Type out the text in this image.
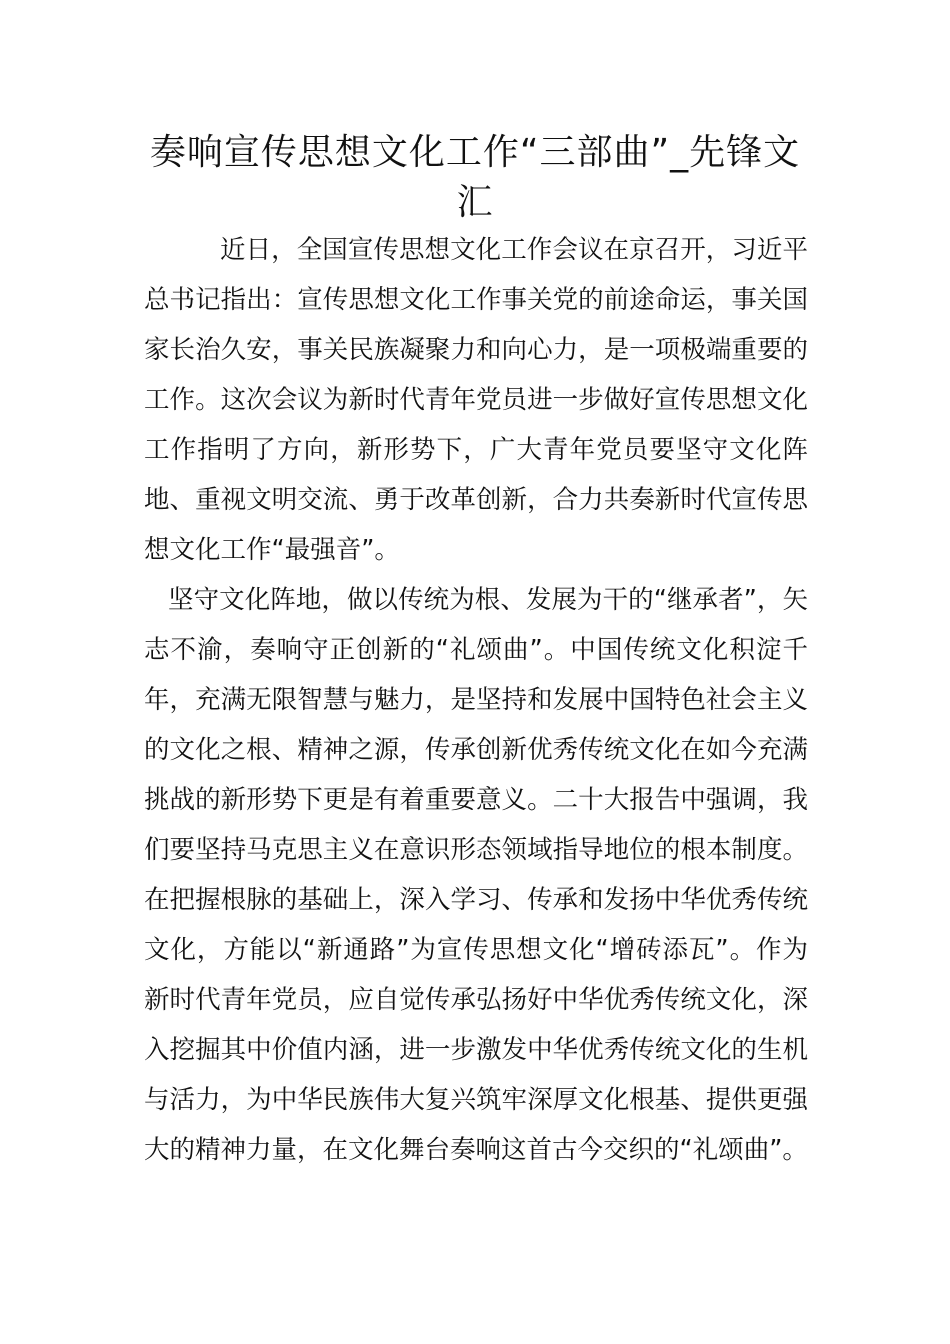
奏响宣传思想文化工作“三部曲”_先锋文汇

近日，全国宣传思想文化工作会议在京召开，习近平总书记指出：宣传思想文化工作事关党的前途命运，事关国家长治久安，事关民族凝聚力和向心力，是一项极端重要的工作。这次会议为新时代青年党员进一步做好宣传思想文化工作指明了方向，新形势下，广大青年党员要坚守文化阵地、重视文明交流、勇于改革创新，合力共奏新时代宣传思想文化工作“最强音”。

坚守文化阵地，做以传统为根、发展为干的“继承者”，矢志不渝，奏响守正创新的“礼颂曲”。中国传统文化积淀千年，充满无限智慧与魅力，是坚持和发展中国特色社会主义的文化之根、精神之源，传承创新优秀传统文化在如今充满挑战的新形势下更是有着重要意义。二十大报告中强调，我们要坚持马克思主义在意识形态领域指导地位的根本制度。在把握根脉的基础上，深入学习、传承和发扬中华优秀传统文化，方能以“新通路”为宣传思想文化“增砖添瓦”。作为新时代青年党员，应自觉传承弘扬好中华优秀传统文化，深入挖掘其中价值内涵，进一步激发中华优秀传统文化的生机与活力，为中华民族伟大复兴筑牢深厚文化根基、提供更强大的精神力量，在文化舞台奏响这首古今交织的“礼颂曲”。
